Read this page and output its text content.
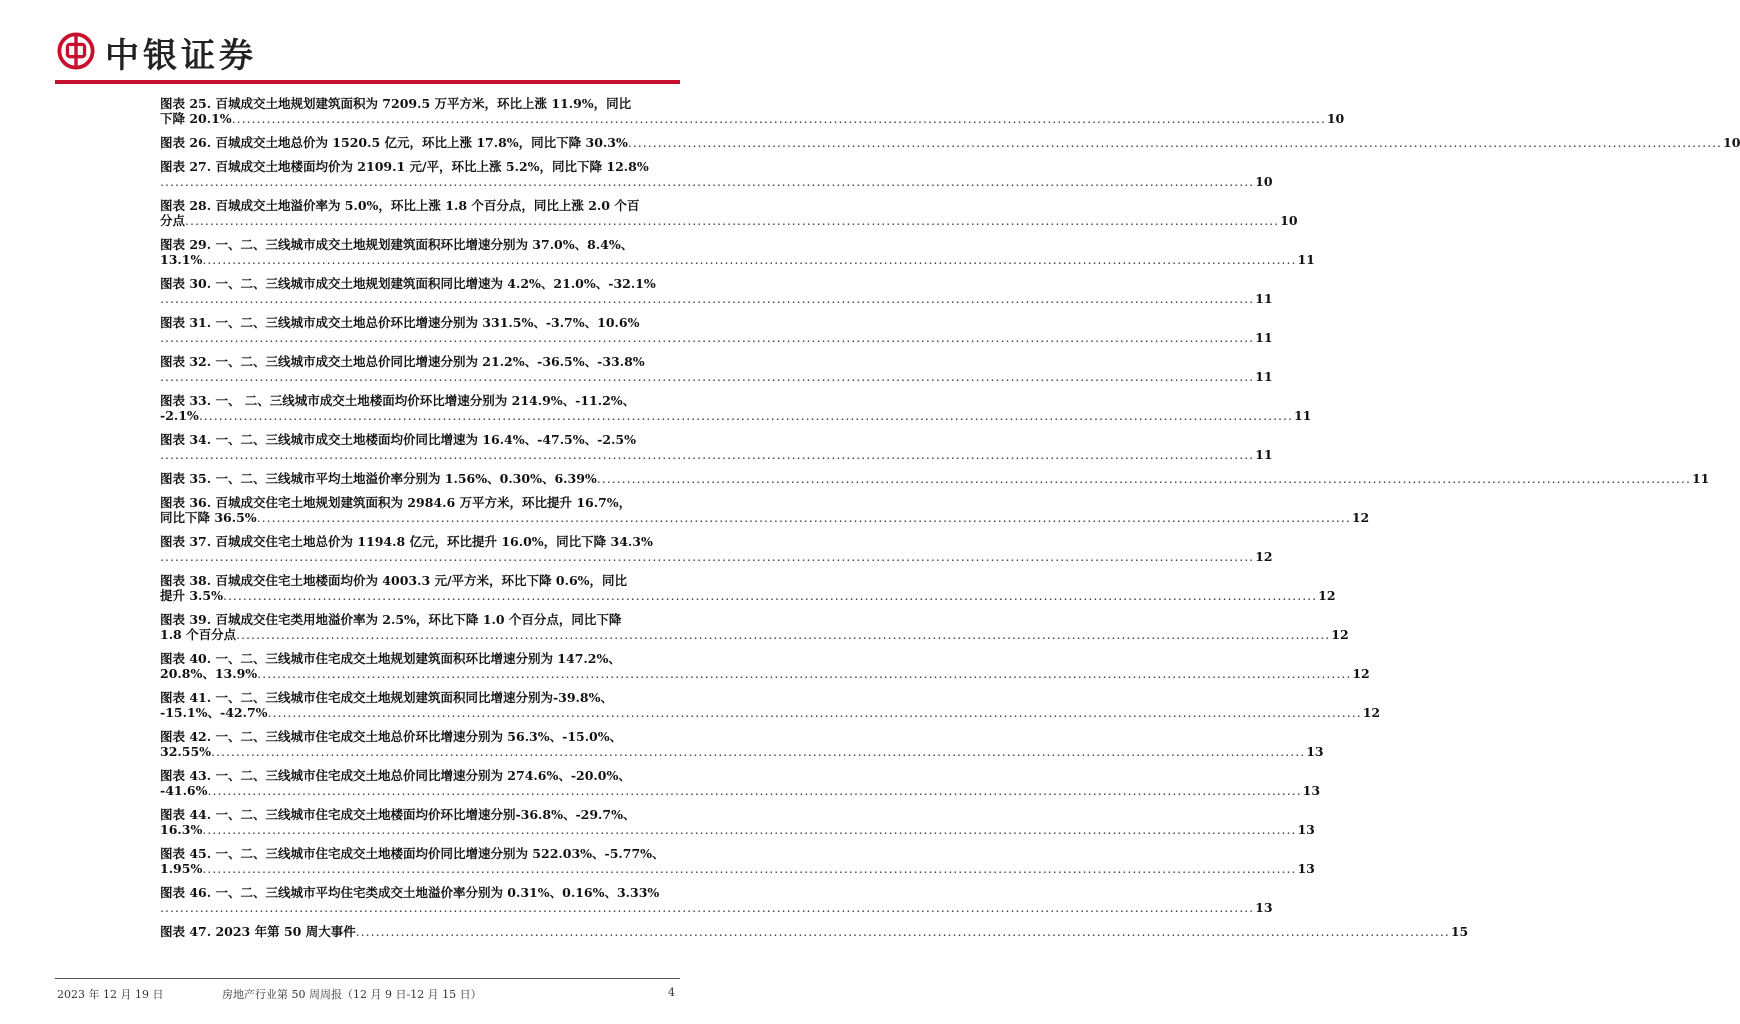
中银证券
图表 25. 百城成交土地规划建筑面积为 7209.5 万平方米，环比上涨 11.9%，同比
下降 20.1% ............................................................................................................................................................................................................................ 10
图表 26. 百城成交土地总价为 1520.5 亿元，环比上涨 17.8%，同比下降 30.3% ............................................................................................................................................................................................................................ 10
图表 27. 百城成交土地楼面均价为 2109.1 元/平，环比上涨 5.2%，同比下降 12.8%
............................................................................................................................................................................................................................ 10
图表 28. 百城成交土地溢价率为 5.0%，环比上涨 1.8 个百分点，同比上涨 2.0 个百
分点 ............................................................................................................................................................................................................................ 10
图表 29. 一、二、三线城市成交土地规划建筑面积环比增速分别为 37.0%、8.4%、
13.1% ............................................................................................................................................................................................................................ 11
图表 30. 一、二、三线城市成交土地规划建筑面积同比增速为 4.2%、21.0%、-32.1%
............................................................................................................................................................................................................................ 11
图表 31. 一、二、三线城市成交土地总价环比增速分别为 331.5%、-3.7%、10.6%
............................................................................................................................................................................................................................ 11
图表 32. 一、二、三线城市成交土地总价同比增速分别为 21.2%、-36.5%、-33.8%
............................................................................................................................................................................................................................ 11
图表 33. 一、 二、三线城市成交土地楼面均价环比增速分别为 214.9%、-11.2%、
-2.1% ............................................................................................................................................................................................................................ 11
图表 34. 一、二、三线城市成交土地楼面均价同比增速为 16.4%、-47.5%、-2.5%
............................................................................................................................................................................................................................ 11
图表 35. 一、二、三线城市平均土地溢价率分别为 1.56%、0.30%、6.39% ............................................................................................................................................................................................................................ 11
图表 36. 百城成交住宅土地规划建筑面积为 2984.6 万平方米，环比提升 16.7%，
同比下降 36.5% ............................................................................................................................................................................................................................ 12
图表 37. 百城成交住宅土地总价为 1194.8 亿元，环比提升 16.0%，同比下降 34.3%
............................................................................................................................................................................................................................ 12
图表 38. 百城成交住宅土地楼面均价为 4003.3 元/平方米，环比下降 0.6%，同比
提升 3.5% ............................................................................................................................................................................................................................ 12
图表 39. 百城成交住宅类用地溢价率为 2.5%，环比下降 1.0 个百分点，同比下降
1.8 个百分点 ............................................................................................................................................................................................................................ 12
图表 40. 一、二、三线城市住宅成交土地规划建筑面积环比增速分别为 147.2%、
20.8%、13.9% ............................................................................................................................................................................................................................ 12
图表 41. 一、二、三线城市住宅成交土地规划建筑面积同比增速分别为-39.8%、
-15.1%、-42.7% ............................................................................................................................................................................................................................ 12
图表 42. 一、二、三线城市住宅成交土地总价环比增速分别为 56.3%、-15.0%、
32.55% ............................................................................................................................................................................................................................ 13
图表 43. 一、二、三线城市住宅成交土地总价同比增速分别为 274.6%、-20.0%、
-41.6% ............................................................................................................................................................................................................................ 13
图表 44. 一、二、三线城市住宅成交土地楼面均价环比增速分别-36.8%、-29.7%、
16.3% ............................................................................................................................................................................................................................ 13
图表 45. 一、二、三线城市住宅成交土地楼面均价同比增速分别为 522.03%、-5.77%、
1.95% ............................................................................................................................................................................................................................ 13
图表 46. 一、二、三线城市平均住宅类成交土地溢价率分别为 0.31%、0.16%、3.33%
............................................................................................................................................................................................................................ 13
图表 47. 2023 年第 50 周大事件 ............................................................................................................................................................................................................................ 15
2023 年 12 月 19 日	房地产行业第 50 周周报（12 月 9 日-12 月 15 日）	4
